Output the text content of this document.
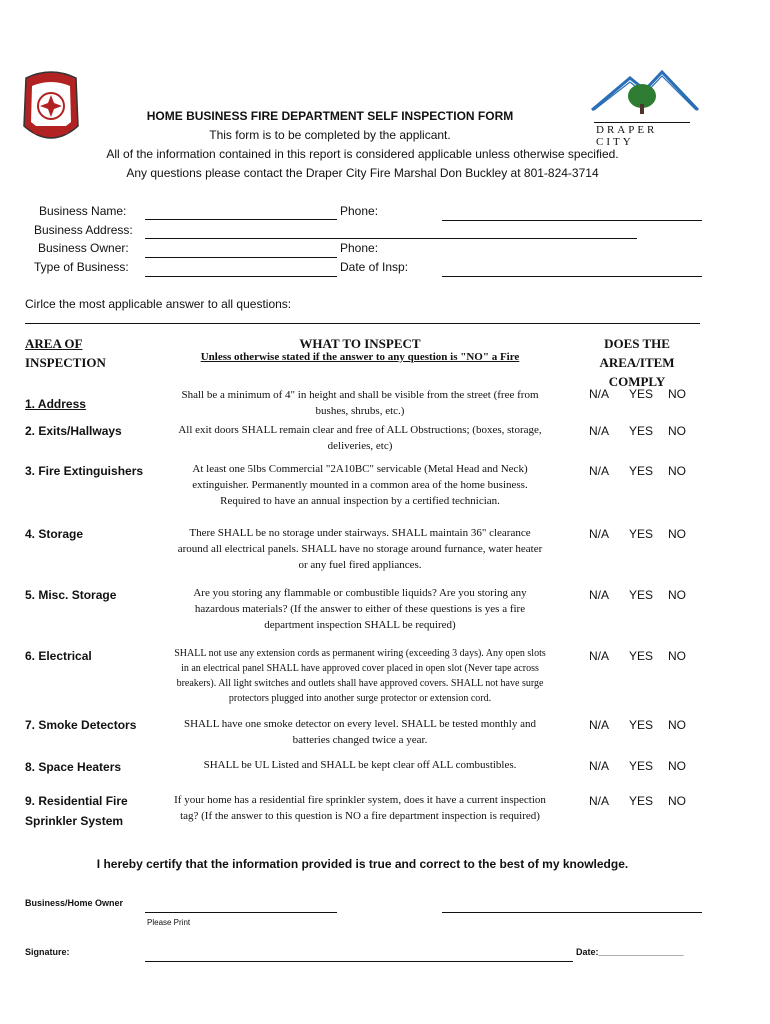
DRAPER CITY
HOME BUSINESS FIRE DEPARTMENT SELF INSPECTION FORM
This form is to be completed by the applicant.
All of the information contained in this report is considered applicable unless otherwise specified.
Any questions please contact the Draper City Fire Marshal Don Buckley at 801-824-3714
Business Name:	Phone:
Business Address:
Business Owner:	Phone:
Type of Business:	Date of Insp:
Cirlce the most applicable answer to all questions:
AREA OF
INSPECTION
WHAT TO INSPECT
Unless otherwise stated if the answer to any question is "NO" a Fire
DOES THE
AREA/ITEM
COMPLY
1. Address
Shall be a minimum of 4" in height and shall be visible from the street (free from
bushes, shrubs, etc.)
N/A YES NO
2. Exits/Hallways	All exit doors SHALL remain clear and free of ALL Obstructions; (boxes, storage,
deliveries, etc)
N/A YES NO
3. Fire Extinguishers	At least one 5lbs Commercial "2A10BC" servicable (Metal Head and Neck)
extinguisher. Permanently mounted in a common area of the home business.
Required to have an annual inspection by a certified technician.
N/A YES NO
4. Storage	There SHALL be no storage under stairways. SHALL maintain 36" clearance
around all electrical panels. SHALL have no storage around furnance, water heater
or any fuel fired appliances.
N/A YES NO
5. Misc. Storage	Are you storing any flammable or combustible liquids? Are you storing any
hazardous materials? (If the answer to either of these questions is yes a fire
department inspection SHALL be required)
N/A YES NO
6. Electrical	SHALL not use any extension cords as permanent wiring (exceeding 3 days). Any open slots
in an electrical panel SHALL have approved cover placed in open slot (Never tape across
breakers). All light switches and outlets shall have approved covers. SHALL not have surge
protectors plugged into another surge protector or extension cord.
N/A YES NO
7. Smoke Detectors	SHALL have one smoke detector on every level. SHALL be tested monthly and
batteries changed twice a year.
N/A YES NO
8. Space Heaters	SHALL be UL Listed and SHALL be kept clear off ALL combustibles.	N/A YES NO
9. Residential Fire
Sprinkler System
If your home has a residential fire sprinkler system, does it have a current inspection
tag? (If the answer to this question is NO a fire department inspection is required)
N/A YES NO
I hereby certify that the information provided is true and correct to the best of my knowledge.
Business/Home Owner
Please Print
Signature:	Date:_________________
